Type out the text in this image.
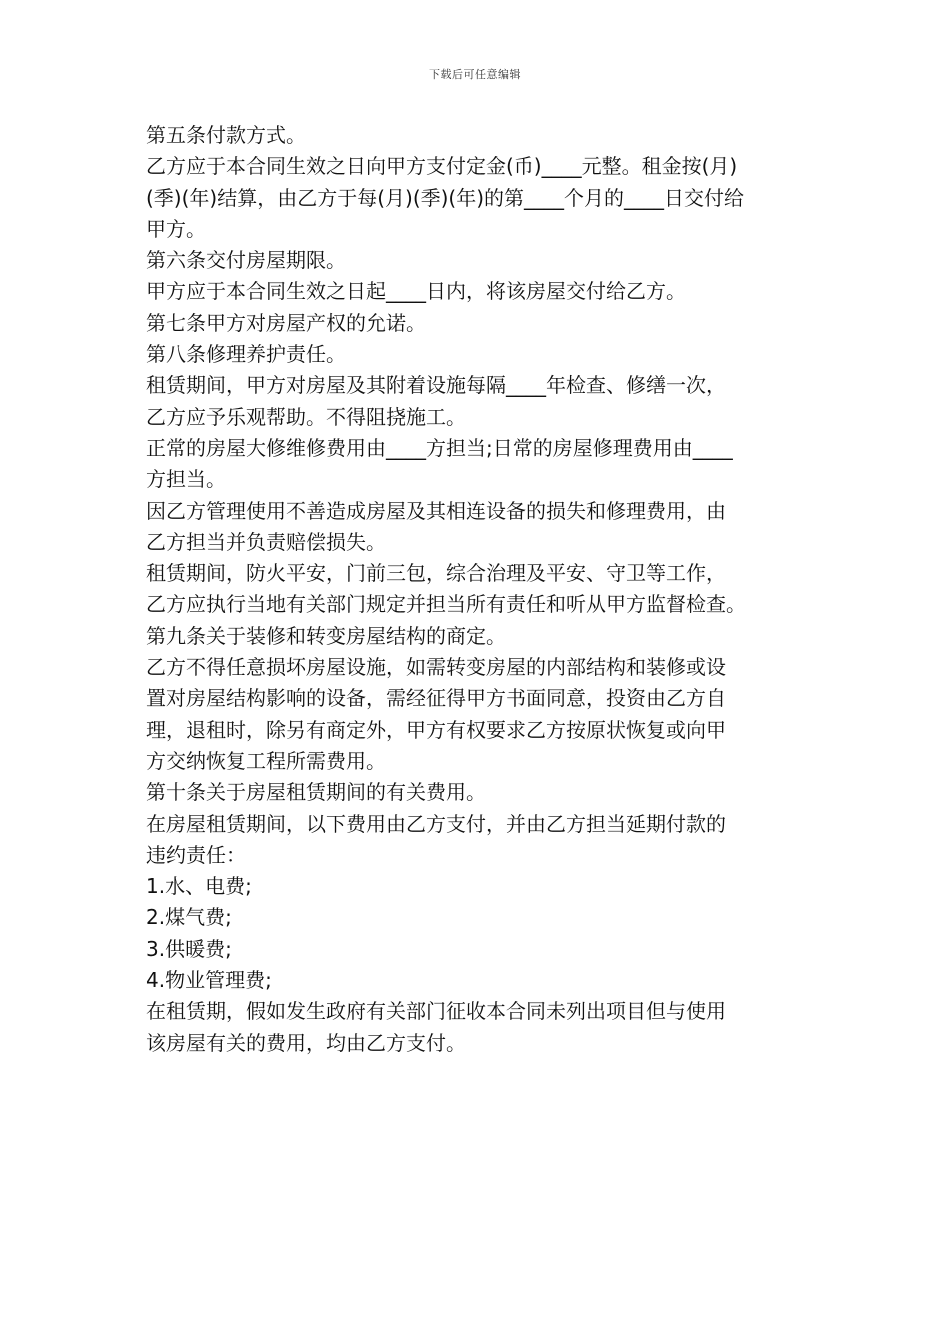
下载后可任意编辑

第五条付款方式。

乙方应于本合同生效之日向甲方支付定金(币)____元整。租金按(月)

(季)(年)结算，由乙方于每(月)(季)(年)的第____个月的____日交付给

甲方。

第六条交付房屋期限。

甲方应于本合同生效之日起____日内，将该房屋交付给乙方。

第七条甲方对房屋产权的允诺。

第八条修理养护责任。

租赁期间，甲方对房屋及其附着设施每隔____年检查、修缮一次，

乙方应予乐观帮助。不得阻挠施工。

正常的房屋大修维修费用由____方担当;日常的房屋修理费用由____

方担当。

因乙方管理使用不善造成房屋及其相连设备的损失和修理费用，由

乙方担当并负责赔偿损失。

租赁期间，防火平安，门前三包，综合治理及平安、守卫等工作，

乙方应执行当地有关部门规定并担当所有责任和听从甲方监督检查。

第九条关于装修和转变房屋结构的商定。

乙方不得任意损坏房屋设施，如需转变房屋的内部结构和装修或设

置对房屋结构影响的设备，需经征得甲方书面同意，投资由乙方自

理，退租时，除另有商定外，甲方有权要求乙方按原状恢复或向甲

方交纳恢复工程所需费用。

第十条关于房屋租赁期间的有关费用。

在房屋租赁期间，以下费用由乙方支付，并由乙方担当延期付款的

违约责任：

1.水、电费;

2.煤气费;

3.供暖费;

4.物业管理费;

在租赁期，假如发生政府有关部门征收本合同未列出项目但与使用

该房屋有关的费用，均由乙方支付。
